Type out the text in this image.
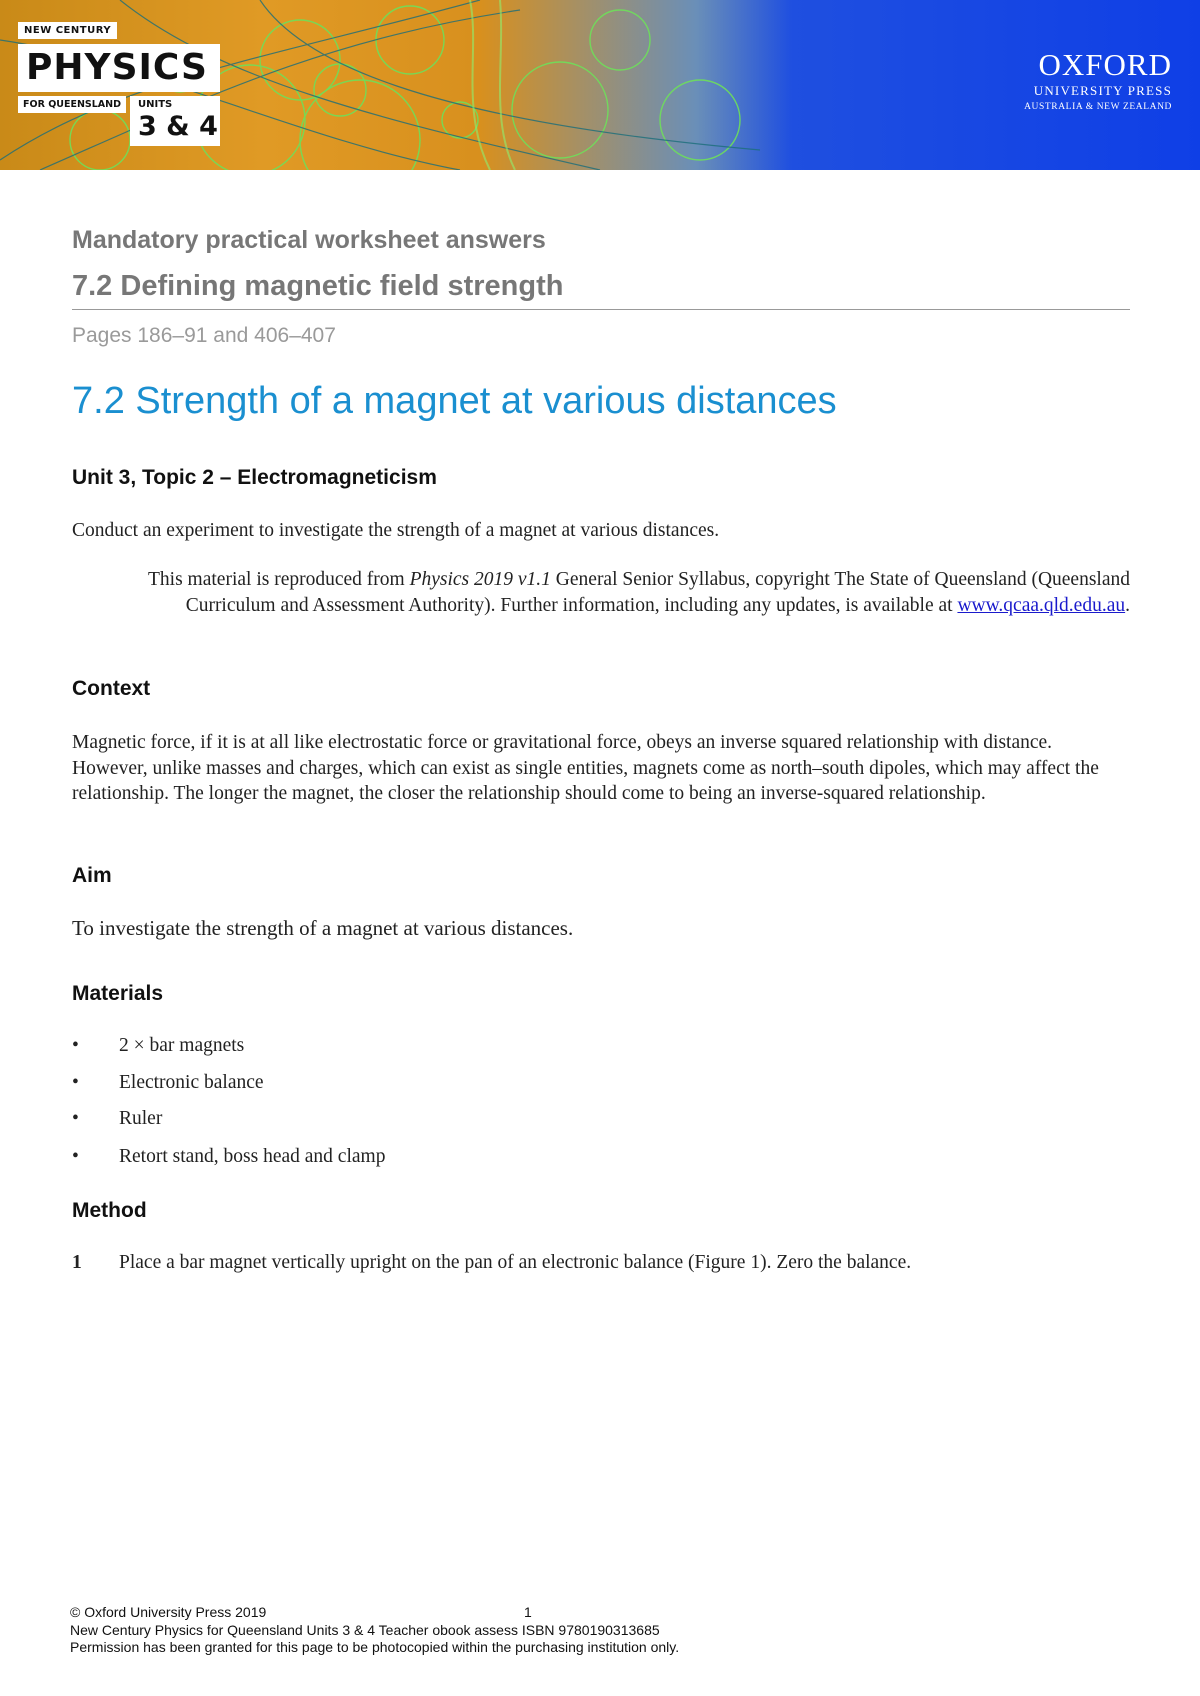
NEW CENTURY
PHYSICS
FOR QUEENSLAND	UNITS
3 & 4
OXFORD
UNIVERSITY PRESS
AUSTRALIA & NEW ZEALAND
Mandatory practical worksheet answers
7.2 Defining magnetic field strength
Pages 186–91 and 406–407
7.2 Strength of a magnet at various distances
Unit 3, Topic 2 – Electromagneticism
Conduct an experiment to investigate the strength of a magnet at various distances.
This material is reproduced from Physics 2019 v1.1 General Senior Syllabus, copyright The State of Queensland (Queensland Curriculum and Assessment Authority). Further information, including any updates, is available at www.qcaa.qld.edu.au.
Context
Magnetic force, if it is at all like electrostatic force or gravitational force, obeys an inverse squared relationship with distance. However, unlike masses and charges, which can exist as single entities, magnets come as north–south dipoles, which may affect the relationship. The longer the magnet, the closer the relationship should come to being an inverse-squared relationship.
Aim
To investigate the strength of a magnet at various distances.
Materials
• 2 × bar magnets
• Electronic balance
• Ruler
• Retort stand, boss head and clamp
Method
1 Place a bar magnet vertically upright on the pan of an electronic balance (Figure 1). Zero the balance.
© Oxford University Press 2019	1
New Century Physics for Queensland Units 3 & 4 Teacher obook assess ISBN 9780190313685
Permission has been granted for this page to be photocopied within the purchasing institution only.
